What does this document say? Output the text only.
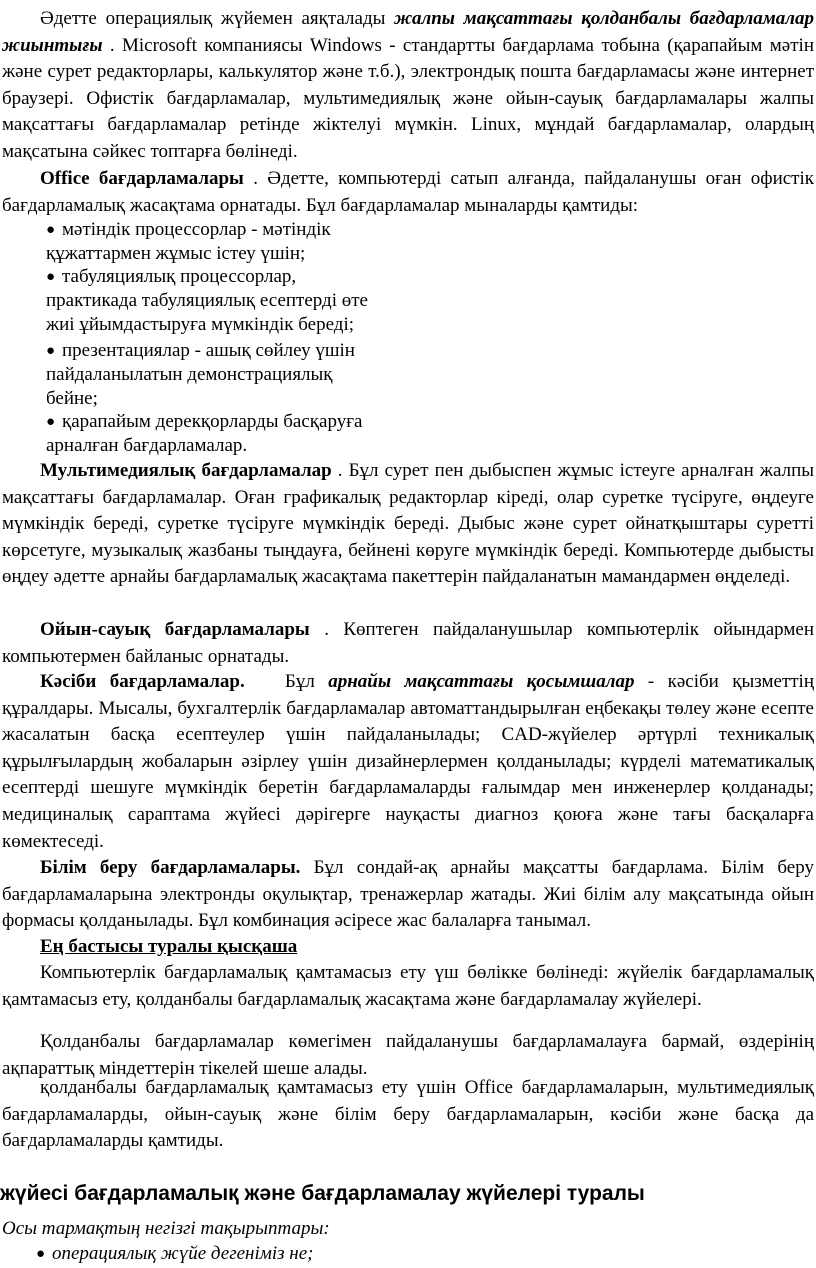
Әдетте операциялық жүйемен аяқталады жалпы мақсаттағы қолданбалы бағдарламалар жиынтығы . Microsoft компаниясы Windows - стандартты бағдарлама тобына (қарапайым мәтін және сурет редакторлары, калькулятор және т.б.), электрондық пошта бағдарламасы және интернет браузері. Офистік бағдарламалар, мультимедиялық және ойын-сауық бағдарламалары жалпы мақсаттағы бағдарламалар ретінде жіктелуі мүмкін. Linux, мұндай бағдарламалар, олардың мақсатына сәйкес топтарға бөлінеді.

Office бағдарламалары . Әдетте, компьютерді сатып алғанда, пайдаланушы оған офистік бағдарламалық жасақтама орнатады. Бұл бағдарламалар мыналарды қамтиды:

● мәтіндік процессорлар - мәтіндік құжаттармен жұмыс істеу үшін;
● табуляциялық процессорлар, практикада табуляциялық есептерді өте жиі ұйымдастыруға мүмкіндік береді;
● презентациялар - ашық сөйлеу үшін пайдаланылатын демонстрациялық бейне;
● қарапайым дерекқорларды басқаруға арналған бағдарламалар.

Мультимедиялық бағдарламалар . Бұл сурет пен дыбыспен жұмыс істеуге арналған жалпы мақсаттағы бағдарламалар. Оған графикалық редакторлар кіреді, олар суретке түсіруге, өңдеуге мүмкіндік береді, суретке түсіруге мүмкіндік береді. Дыбыс және сурет ойнатқыштары суретті көрсетуге, музыкалық жазбаны тыңдауға, бейнені көруге мүмкіндік береді. Компьютерде дыбысты өңдеу әдетте арнайы бағдарламалық жасақтама пакеттерін пайдаланатын мамандармен өңделеді.

Ойын-сауық бағдарламалары . Көптеген пайдаланушылар компьютерлік ойындармен компьютермен байланыс орнатады.

Кәсіби бағдарламалар.   Бұл арнайы мақсаттағы қосымшалар - кәсіби қызметтің құралдары. Мысалы, бухгалтерлік бағдарламалар автоматтандырылған еңбекақы төлеу және есепте жасалатын басқа есептеулер үшін пайдаланылады; CAD-жүйелер әртүрлі техникалық құрылғылардың жобаларын әзірлеу үшін дизайнерлермен қолданылады; күрделі математикалық есептерді шешуге мүмкіндік беретін бағдарламаларды ғалымдар мен инженерлер қолданады; медициналық сараптама жүйесі дәрігерге науқасты диагноз қоюға және тағы басқаларға көмектеседі.

Білім беру бағдарламалары. Бұл сондай-ақ арнайы мақсатты бағдарлама. Білім беру бағдарламаларына электронды оқулықтар, тренажерлар жатады. Жиі білім алу мақсатында ойын формасы қолданылады. Бұл комбинация әсіресе жас балаларға танымал.

Ең бастысы туралы қысқаша

Компьютерлік бағдарламалық қамтамасыз ету үш бөлікке бөлінеді: жүйелік бағдарламалық қамтамасыз ету, қолданбалы бағдарламалық жасақтама және бағдарламалау жүйелері.

Қолданбалы бағдарламалар көмегімен пайдаланушы бағдарламалауға бармай, өздерінің ақпараттық міндеттерін тікелей шеше алады.

қолданбалы бағдарламалық қамтамасыз ету үшін Office бағдарламаларын, мультимедиялық бағдарламаларды, ойын-сауық және білім беру бағдарламаларын, кәсіби және басқа да бағдарламаларды қамтиды.

жүйесі бағдарламалық және бағдарламалау жүйелері туралы

Осы тармақтың негізгі тақырыптары:

● операциялық жүйе дегеніміз не;
